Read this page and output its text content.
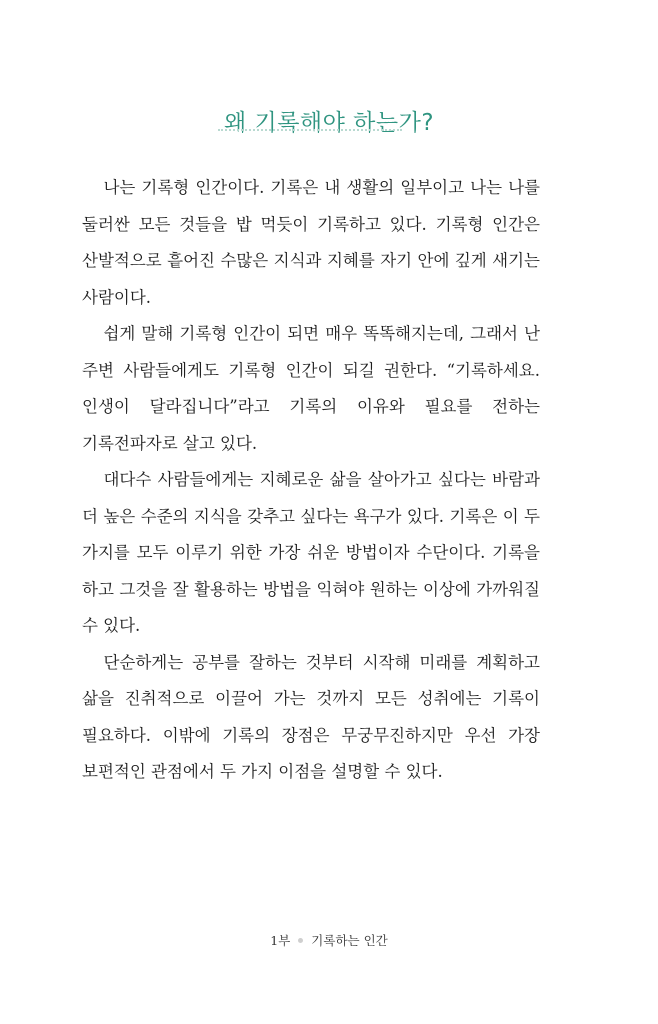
왜 기록해야 하는가?

나는 기록형 인간이다. 기록은 내 생활의 일부이고 나는 나를 둘러싼 모든 것들을 밥 먹듯이 기록하고 있다. 기록형 인간은 산발적으로 흩어진 수많은 지식과 지혜를 자기 안에 깊게 새기는 사람이다.

쉽게 말해 기록형 인간이 되면 매우 똑똑해지는데, 그래서 난 주변 사람들에게도 기록형 인간이 되길 권한다. “기록하세요. 인생이 달라집니다”라고 기록의 이유와 필요를 전하는 기록전파자로 살고 있다.

대다수 사람들에게는 지혜로운 삶을 살아가고 싶다는 바람과 더 높은 수준의 지식을 갖추고 싶다는 욕구가 있다. 기록은 이 두 가지를 모두 이루기 위한 가장 쉬운 방법이자 수단이다. 기록을 하고 그것을 잘 활용하는 방법을 익혀야 원하는 이상에 가까워질 수 있다.

단순하게는 공부를 잘하는 것부터 시작해 미래를 계획하고 삶을 진취적으로 이끌어 가는 것까지 모든 성취에는 기록이 필요하다. 이밖에 기록의 장점은 무궁무진하지만 우선 가장 보편적인 관점에서 두 가지 이점을 설명할 수 있다.

1부 기록하는 인간
